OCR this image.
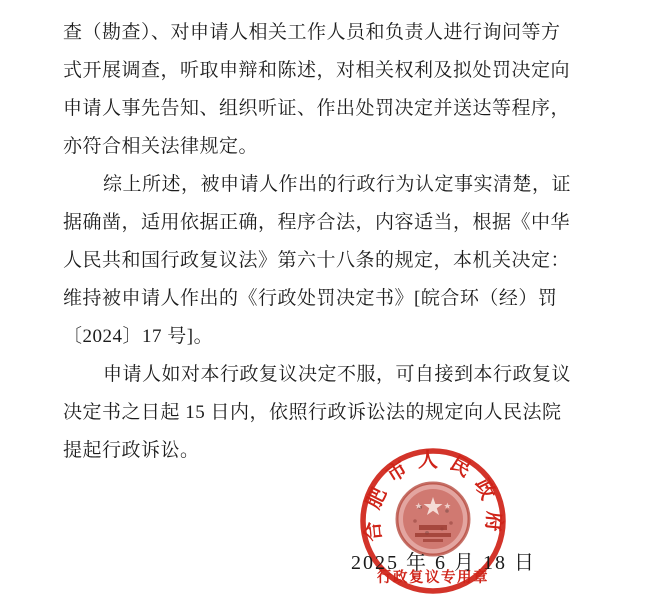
查（勘查）、对申请人相关工作人员和负责人进行询问等方
式开展调查，听取申辩和陈述，对相关权利及拟处罚决定向
申请人事先告知、组织听证、作出处罚决定并送达等程序，
亦符合相关法律规定。
综上所述，被申请人作出的行政行为认定事实清楚，证
据确凿，适用依据正确，程序合法，内容适当，根据《中华
人民共和国行政复议法》第六十八条的规定，本机关决定：
维持被申请人作出的《行政处罚决定书》[皖合环（经）罚
〔2024〕17 号]。
申请人如对本行政复议决定不服，可自接到本行政复议
决定书之日起 15 日内，依照行政诉讼法的规定向人民法院
提起行政诉讼。
合肥市人民政府
行政复议专用章
2025 年 6 月 18 日
